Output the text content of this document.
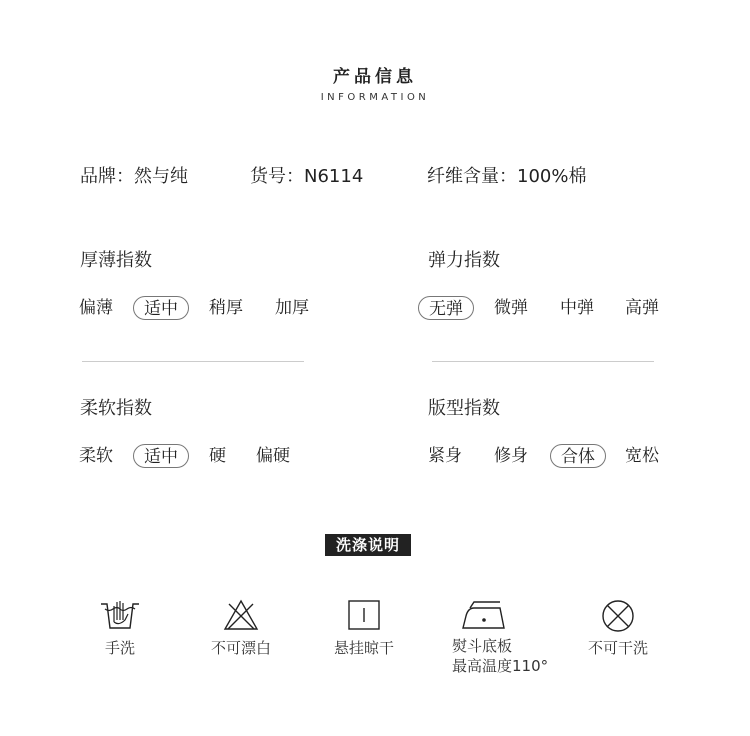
产品信息
INFORMATION
品牌：然与纯	货号：N6114	纤维含量：100%棉
厚薄指数
偏薄	适中	稍厚 加厚
弹力指数
无弹	微弹 中弹 高弹
柔软指数
柔软	适中	硬 偏硬
版型指数
紧身 修身	合体	宽松
洗涤说明
手洗	不可漂白	悬挂晾干	熨斗底板
最高温度110°
不可干洗
